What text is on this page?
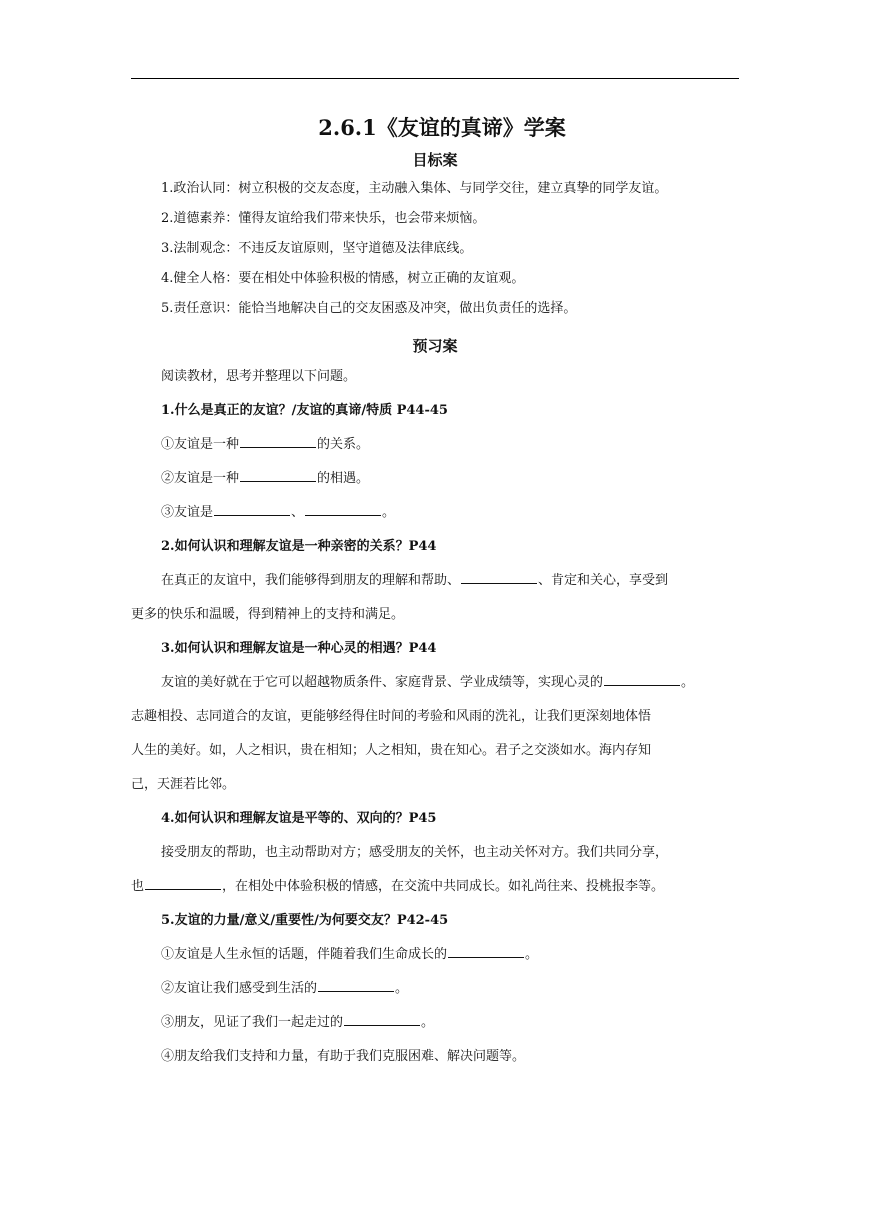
2.6.1《友谊的真谛》学案
目标案
1.政治认同：树立积极的交友态度，主动融入集体、与同学交往，建立真挚的同学友谊。
2.道德素养：懂得友谊给我们带来快乐，也会带来烦恼。
3.法制观念：不违反友谊原则，坚守道德及法律底线。
4.健全人格：要在相处中体验积极的情感，树立正确的友谊观。
5.责任意识：能恰当地解决自己的交友困惑及冲突，做出负责任的选择。
预习案
阅读教材，思考并整理以下问题。
1.什么是真正的友谊？/友谊的真谛/特质 P44-45
①友谊是一种	的关系。
②友谊是一种	的相遇。
③友谊是	、	。
2.如何认识和理解友谊是一种亲密的关系？P44
在真正的友谊中，我们能够得到朋友的理解和帮助、	、肯定和关心，享受到
更多的快乐和温暖，得到精神上的支持和满足。
3.如何认识和理解友谊是一种心灵的相遇？P44
友谊的美好就在于它可以超越物质条件、家庭背景、学业成绩等，实现心灵的	。
志趣相投、志同道合的友谊，更能够经得住时间的考验和风雨的洗礼，让我们更深刻地体悟
人生的美好。如，人之相识，贵在相知；人之相知，贵在知心。君子之交淡如水。海内存知
己，天涯若比邻。
4.如何认识和理解友谊是平等的、双向的？P45
接受朋友的帮助，也主动帮助对方；感受朋友的关怀，也主动关怀对方。我们共同分享，
也	，在相处中体验积极的情感，在交流中共同成长。如礼尚往来、投桃报李等。
5.友谊的力量/意义/重要性/为何要交友？P42-45
①友谊是人生永恒的话题，伴随着我们生命成长的	。
②友谊让我们感受到生活的	。
③朋友，见证了我们一起走过的	。
④朋友给我们支持和力量，有助于我们克服困难、解决问题等。
